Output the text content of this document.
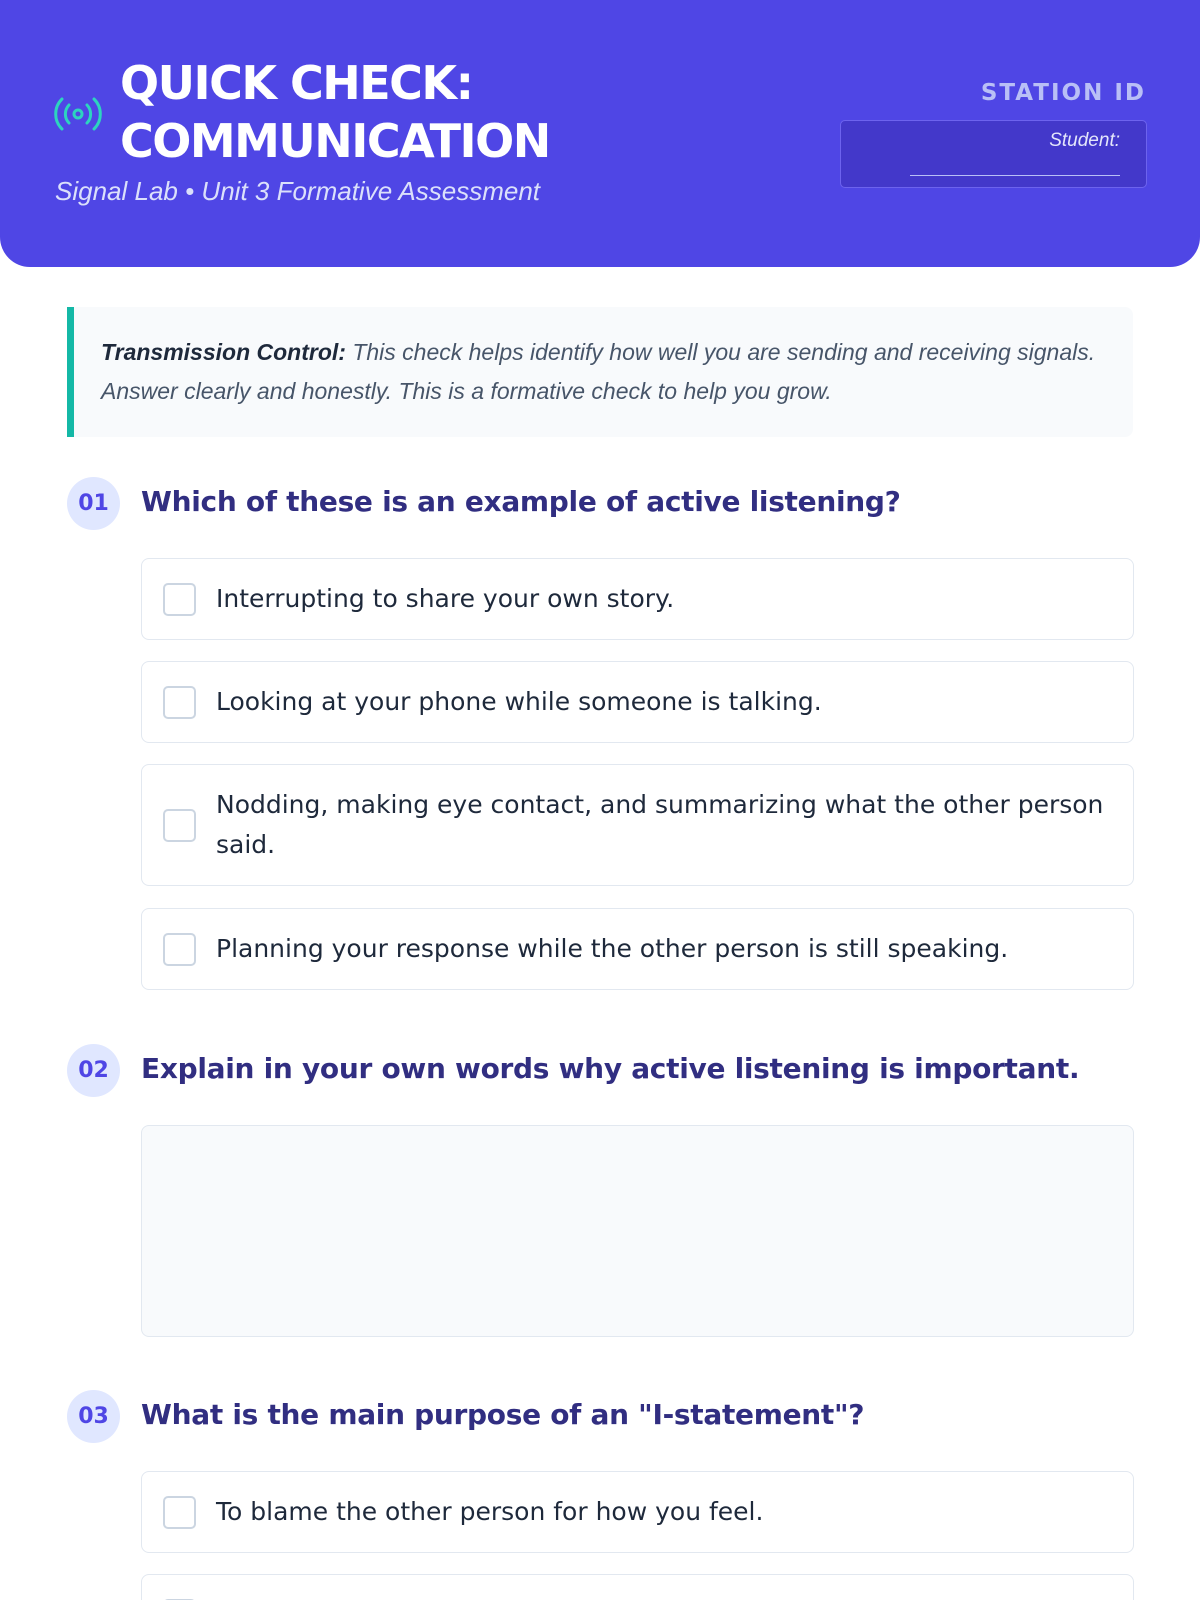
QUICK CHECK: COMMUNICATION
Signal Lab • Unit 3 Formative Assessment
STATION ID
Student:
Transmission Control: This check helps identify how well you are sending and receiving signals. Answer clearly and honestly. This is a formative check to help you grow.
01	Which of these is an example of active listening?
Interrupting to share your own story.
Looking at your phone while someone is talking.
Nodding, making eye contact, and summarizing what the other person said.
Planning your response while the other person is still speaking.
02	Explain in your own words why active listening is important.
03	What is the main purpose of an "I-statement"?
To blame the other person for how you feel.
